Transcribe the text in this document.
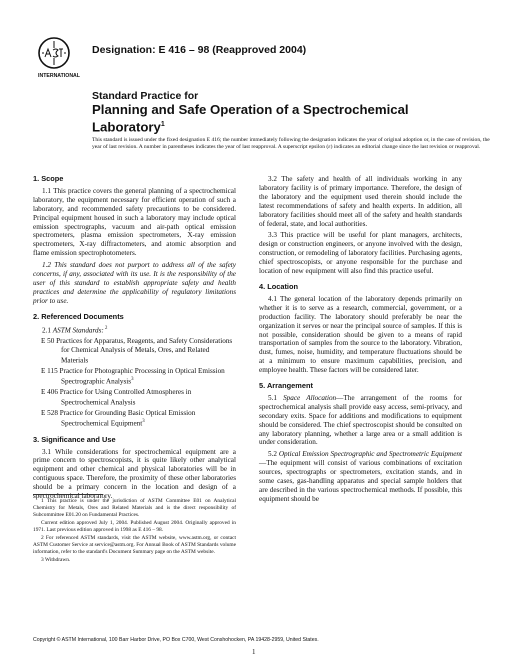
INTERNATIONAL
Designation: E 416 – 98 (Reapproved 2004)
Standard Practice for
Planning and Safe Operation of a Spectrochemical Laboratory$^1$
This standard is issued under the fixed designation E 416; the number immediately following the designation indicates the year of original adoption or, in the case of revision, the year of last revision. A number in parentheses indicates the year of last reapproval. A superscript epsilon (ε) indicates an editorial change since the last revision or reapproval.
1. Scope

1.1 This practice covers the general planning of a spectrochemical laboratory, the equipment necessary for efficient operation of such a laboratory, and recommended safety precautions to be considered. Principal equipment housed in such a laboratory may include optical emission spectrographs, vacuum and air-path optical emission spectrometers, plasma emission spectrometers, X-ray emission spectrometers, X-ray diffractometers, and atomic absorption and flame emission spectrophotometers.

1.2 This standard does not purport to address all of the safety concerns, if any, associated with its use. It is the responsibility of the user of this standard to establish appropriate safety and health practices and determine the applicability of regulatory limitations prior to use.

2. Referenced Documents

2.1 ASTM Standards: $^2$

E 50 Practices for Apparatus, Reagents, and Safety Considerations for Chemical Analysis of Metals, Ores, and Related Materials

E 115 Practice for Photographic Processing in Optical Emission Spectrographic Analysis$^3$

E 406 Practice for Using Controlled Atmospheres in Spectrochemical Analysis

E 528 Practice for Grounding Basic Optical Emission Spectrochemical Equipment$^3$

3. Significance and Use

3.1 While considerations for spectrochemical equipment are a prime concern to spectroscopists, it is quite likely other analytical equipment and other chemical and physical laboratories will be in contiguous space. Therefore, the proximity of these other laboratories should be a primary concern in the location and design of a spectrochemical laboratory.

3.2 The safety and health of all individuals working in any laboratory facility is of primary importance. Therefore, the design of the laboratory and the equipment used therein should include the latest recommendations of safety and health experts. In addition, all laboratory facilities should meet all of the safety and health standards of federal, state, and local authorities.

3.3 This practice will be useful for plant managers, architects, design or construction engineers, or anyone involved with the design, construction, or remodeling of laboratory facilities. Purchasing agents, chief spectroscopists, or anyone responsible for the purchase and location of new equipment will also find this practice useful.

4. Location

4.1 The general location of the laboratory depends primarily on whether it is to serve as a research, commercial, government, or a production facility. The laboratory should preferably be near the organization it serves or near the principal source of samples. If this is not possible, consideration should be given to a means of rapid transportation of samples from the source to the laboratory. Vibration, dust, fumes, noise, humidity, and temperature fluctuations should be at a minimum to ensure maximum capabilities, precision, and employee health. These factors will be considered later.

5. Arrangement

5.1 Space Allocation—The arrangement of the rooms for spectrochemical analysis shall provide easy access, semi-privacy, and secondary exits. Space for additions and modifications to equipment should be considered. The chief spectroscopist should be consulted on any laboratory planning, whether a large area or a small addition is under consideration.

5.2 Optical Emission Spectrographic and Spectrometric Equipment—The equipment will consist of various combinations of excitation sources, spectrographs or spectrometers, excitation stands, and in some cases, gas-handling apparatus and special sample holders that are described in the various spectrochemical methods. If possible, this equipment should be

1 This practice is under the jurisdiction of ASTM Committee E01 on Analytical Chemistry for Metals, Ores and Related Materials and is the direct responsibility of Subcommittee E01.20 on Fundamental Practices.

Current edition approved July 1, 2004. Published August 2004. Originally approved in 1971. Last previous edition approved in 1998 as E 416 – 98.

2 For referenced ASTM standards, visit the ASTM website, www.astm.org, or contact ASTM Customer Service at service@astm.org. For Annual Book of ASTM Standards volume information, refer to the standard's Document Summary page on the ASTM website.

3 Withdrawn.

Copyright © ASTM International, 100 Barr Harbor Drive, PO Box C700, West Conshohocken, PA 19428-2959, United States.
1
